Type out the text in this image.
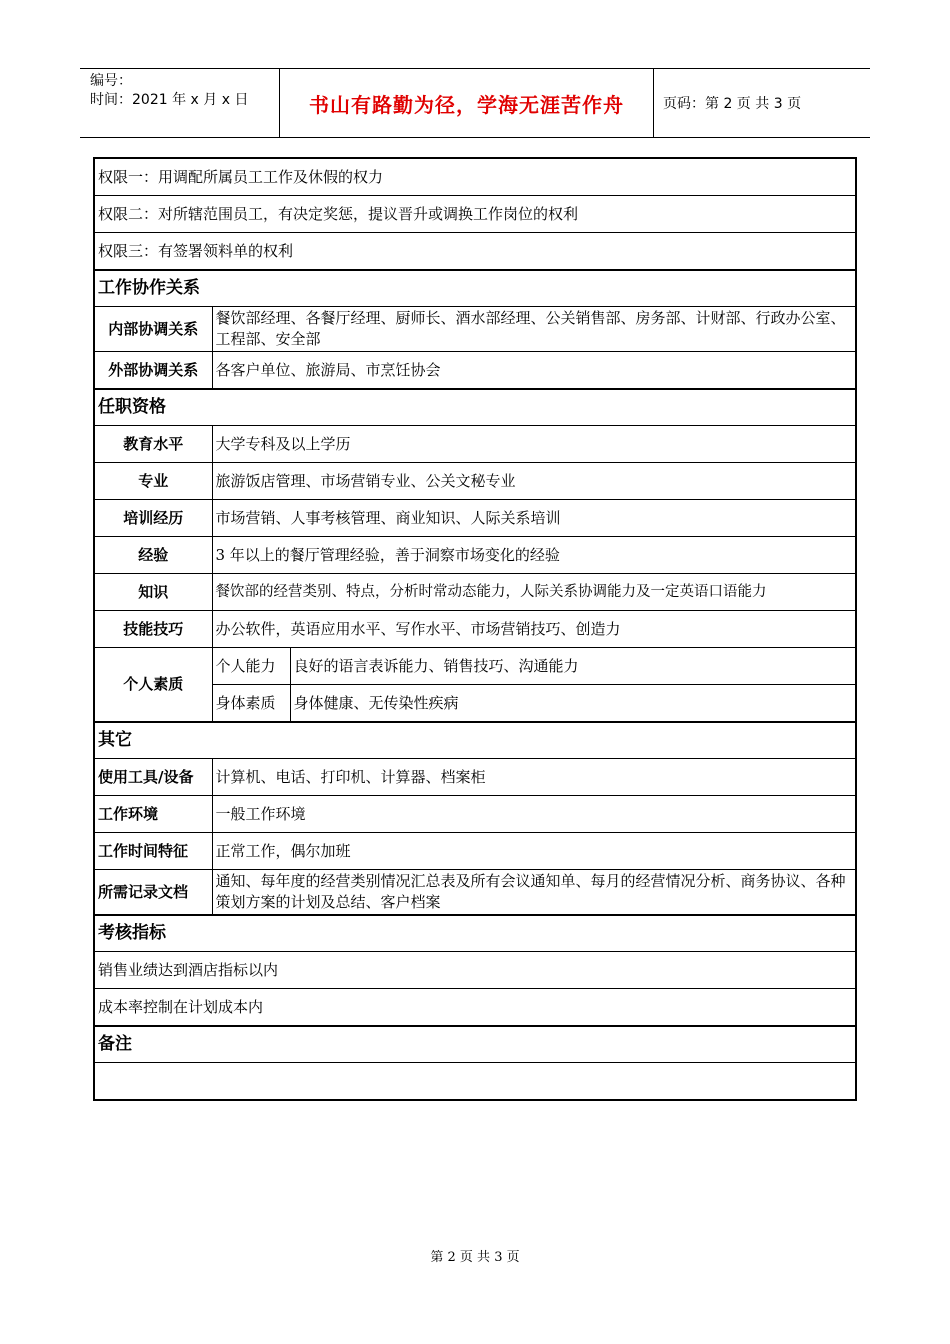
编号：
时间：2021 年 x 月 x 日	书山有路勤为径，学海无涯苦作舟	页码：第 2 页 共 3 页
权限一：用调配所属员工工作及休假的权力		
权限二：对所辖范围员工，有决定奖惩，提议晋升或调换工作岗位的权利		
权限三：有签署领料单的权利		
工作协作关系		
内部协调关系	餐饮部经理、各餐厅经理、厨师长、酒水部经理、公关销售部、房务部、计财部、行政办公室、工程部、安全部	
外部协调关系	各客户单位、旅游局、市烹饪协会	
任职资格		
教育水平	大学专科及以上学历	
专业	旅游饭店管理、市场营销专业、公关文秘专业	
培训经历	市场营销、人事考核管理、商业知识、人际关系培训	
经验	3 年以上的餐厅管理经验，善于洞察市场变化的经验	
知识	餐饮部的经营类别、特点，分析时常动态能力，人际关系协调能力及一定英语口语能力	
技能技巧	办公软件，英语应用水平、写作水平、市场营销技巧、创造力	
个人素质	个人能力	良好的语言表诉能力、销售技巧、沟通能力
	身体素质	身体健康、无传染性疾病
其它		
使用工具/设备	计算机、电话、打印机、计算器、档案柜	
工作环境	一般工作环境	
工作时间特征	正常工作，偶尔加班	
所需记录文档	通知、每年度的经营类别情况汇总表及所有会议通知单、每月的经营情况分析、商务协议、各种策划方案的计划及总结、客户档案	
考核指标		
销售业绩达到酒店指标以内		
成本率控制在计划成本内		
备注		

第 2 页 共 3 页
